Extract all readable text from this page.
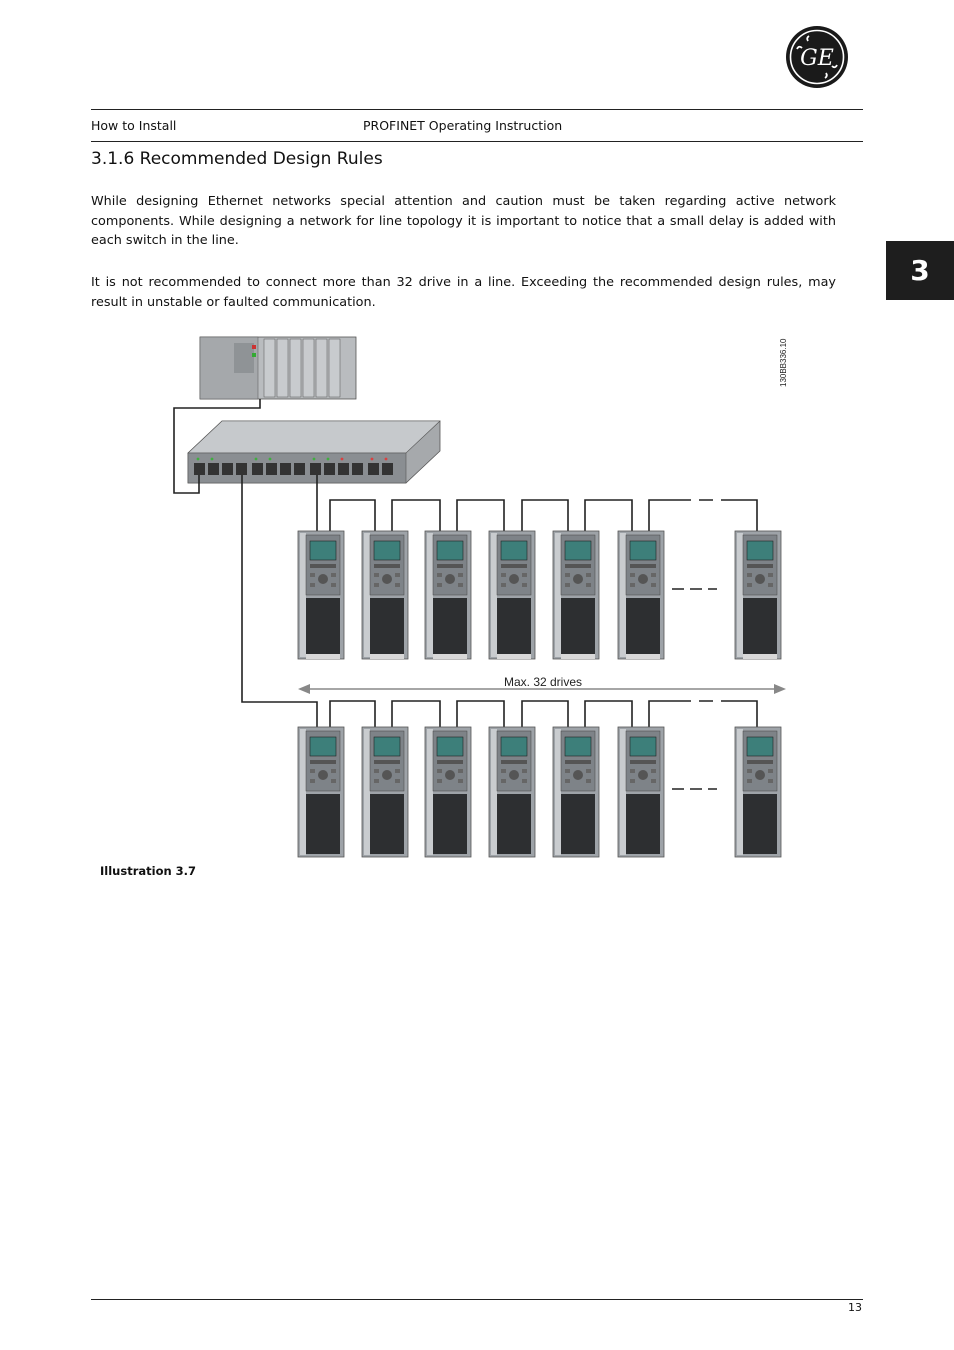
GE
How to Install	PROFINET Operating Instruction
3.1.6 Recommended Design Rules

While designing Ethernet networks special attention and caution must be taken regarding active network components. While designing a network for line topology it is important to notice that a small delay is added with each switch in the line.

It is not recommended to connect more than 32 drive in a line. Exceeding the recommended design rules, may result in unstable or faulted communication.

3
Max. 32 drives
130BB336.10
Illustration 3.7
13
